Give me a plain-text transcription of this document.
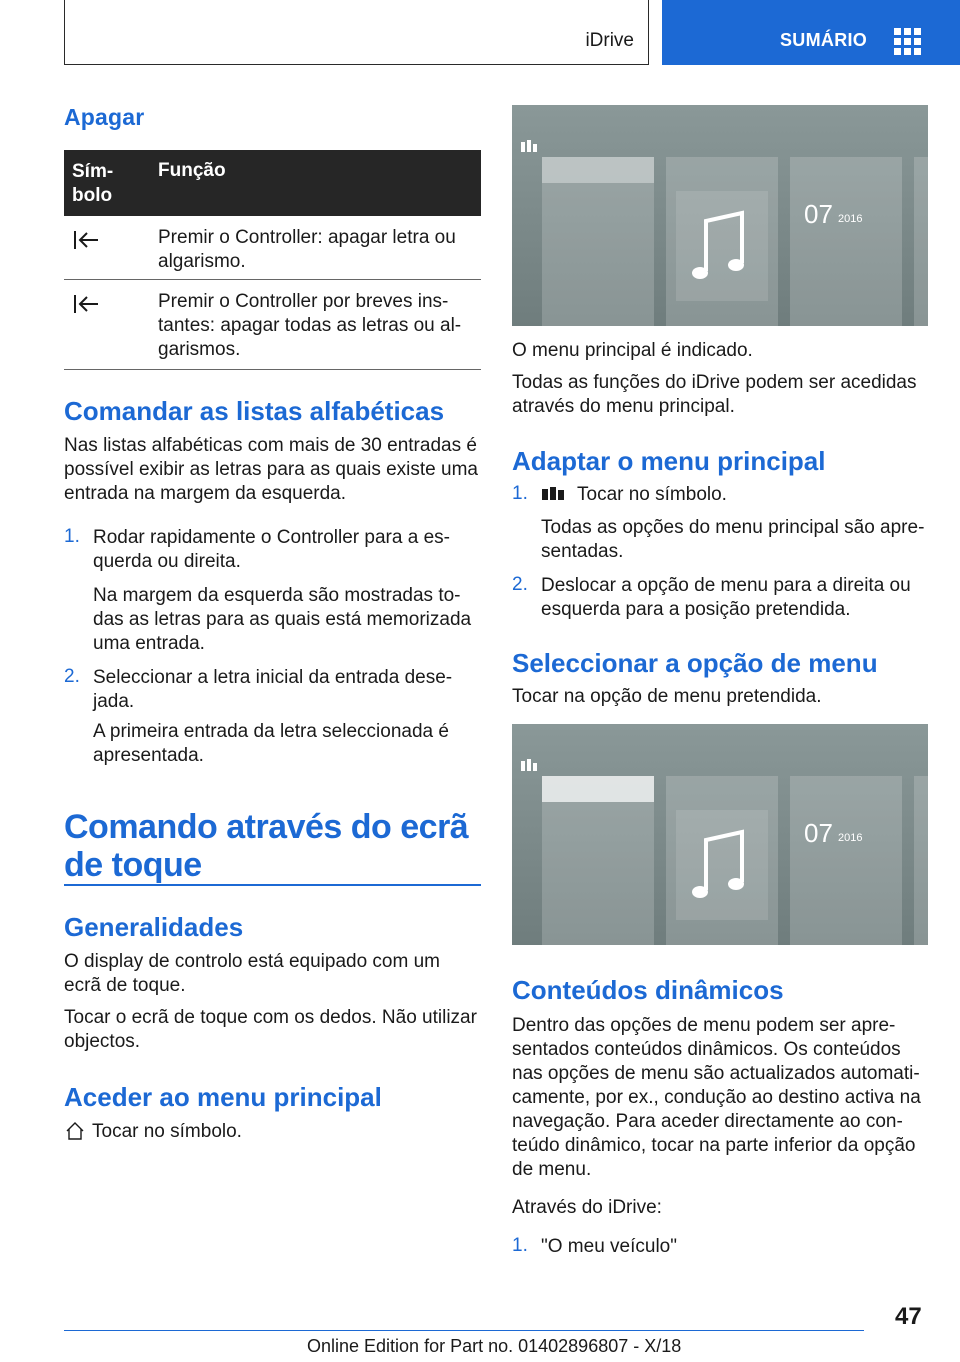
iDrive	SUMÁRIO
Apagar
Sím-
bolo
Função
Premir o Controller: apagar letra ou
algarismo.
Premir o Controller por breves ins-
tantes: apagar todas as letras ou al-
garismos.
Comandar as listas alfabéticas

Nas listas alfabéticas com mais de 30 entradas é
possível exibir as letras para as quais existe uma
entrada na margem da esquerda.

1. Rodar rapidamente o Controller para a es-
querda ou direita.

Na margem da esquerda são mostradas to-
das as letras para as quais está memorizada
uma entrada.

2. Seleccionar a letra inicial da entrada dese-
jada.

A primeira entrada da letra seleccionada é
apresentada.

Comando através do ecrã
de toque
Generalidades

O display de controlo está equipado com um
ecrã de toque.

Tocar o ecrã de toque com os dedos. Não utilizar
objectos.

Aceder ao menu principal

Tocar no símbolo.

07 2016

O menu principal é indicado.

Todas as funções do iDrive podem ser acedidas
através do menu principal.

Adaptar o menu principal
1.	Tocar no símbolo.

Todas as opções do menu principal são apre-
sentadas.

2. Deslocar a opção de menu para a direita ou
esquerda para a posição pretendida.

Seleccionar a opção de menu

Tocar na opção de menu pretendida.

07 2016
Conteúdos dinâmicos

Dentro das opções de menu podem ser apre-
sentados conteúdos dinâmicos. Os conteúdos
nas opções de menu são actualizados automati-
camente, por ex., condução ao destino activa na
navegação. Para aceder directamente ao con-
teúdo dinâmico, tocar na parte inferior da opção
de menu.

Através do iDrive:

1. "O meu veículo"

47
Online Edition for Part no. 01402896807 - X/18
